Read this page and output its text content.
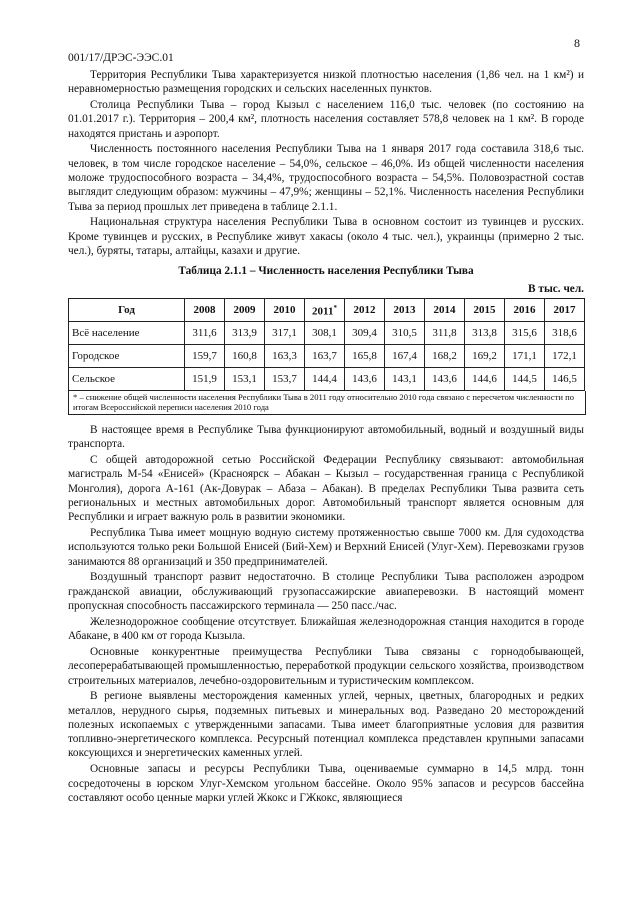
8
001/17/ДРЭС-ЭЭС.01

Территория Республики Тыва характеризуется низкой плотностью населения (1,86 чел. на 1 км²) и неравномерностью размещения городских и сельских населенных пунктов.

Столица Республики Тыва – город Кызыл с населением 116,0 тыс. человек (по состоянию на 01.01.2017 г.). Территория – 200,4 км², плотность населения составляет 578,8 человек на 1 км². В городе находятся пристань и аэропорт.

Численность постоянного населения Республики Тыва на 1 января 2017 года составила 318,6 тыс. человек, в том числе городское население – 54,0%, сельское – 46,0%. Из общей численности населения моложе трудоспособного возраста – 34,4%, трудоспособного возраста – 54,5%. Половозрастной состав выглядит следующим образом: мужчины – 47,9%; женщины – 52,1%. Численность населения Республики Тыва за период прошлых лет приведена в таблице 2.1.1.

Национальная структура населения Республики Тыва в основном состоит из тувинцев и русских. Кроме тувинцев и русских, в Республике живут хакасы (около 4 тыс. чел.), украинцы (примерно 2 тыс. чел.), буряты, татары, алтайцы, казахи и другие.

Таблица 2.1.1 – Численность населения Республики Тыва
В тыс. чел.
Год	2008	2009	2010	2011*	2012	2013	2014	2015	2016	2017
Всё население	311,6	313,9	317,1	308,1	309,4	310,5	311,8	313,8	315,6	318,6
Городское	159,7	160,8	163,3	163,7	165,8	167,4	168,2	169,2	171,1	172,1
Сельское	151,9	153,1	153,7	144,4	143,6	143,1	143,6	144,6	144,5	146,5
* – снижение общей численности населения Республики Тыва в 2011 году относительно 2010 года связано с пересчетом численности по итогам Всероссийской переписи населения 2010 года

В настоящее время в Республике Тыва функционируют автомобильный, водный и воздушный виды транспорта.

С общей автодорожной сетью Российской Федерации Республику связывают: автомобильная магистраль М-54 «Енисей» (Красноярск – Абакан – Кызыл – государственная граница с Республикой Монголия), дорога А-161 (Ак-Довурак – Абаза – Абакан). В пределах Республики Тыва развита сеть региональных и местных автомобильных дорог. Автомобильный транспорт является основным для Республики и играет важную роль в развитии экономики.

Республика Тыва имеет мощную водную систему протяженностью свыше 7000 км. Для судоходства используются только реки Большой Енисей (Бий-Хем) и Верхний Енисей (Улуг-Хем). Перевозками грузов занимаются 88 организаций и 350 предпринимателей.

Воздушный транспорт развит недостаточно. В столице Республики Тыва расположен аэродром гражданской авиации, обслуживающий грузопассажирские авиаперевозки. В настоящий момент пропускная способность пассажирского терминала — 250 пасс./час.

Железнодорожное сообщение отсутствует. Ближайшая железнодорожная станция находится в городе Абакане, в 400 км от города Кызыла.

Основные конкурентные преимущества Республики Тыва связаны с горнодобывающей, лесоперерабатывающей промышленностью, переработкой продукции сельского хозяйства, производством строительных материалов, лечебно-оздоровительным и туристическим комплексом.

В регионе выявлены месторождения каменных углей, черных, цветных, благородных и редких металлов, нерудного сырья, подземных питьевых и минеральных вод. Разведано 20 месторождений полезных ископаемых с утвержденными запасами. Тыва имеет благоприятные условия для развития топливно-энергетического комплекса. Ресурсный потенциал комплекса представлен крупными запасами коксующихся и энергетических каменных углей.

Основные запасы и ресурсы Республики Тыва, оцениваемые суммарно в 14,5 млрд. тонн сосредоточены в юрском Улуг-Хемском угольном бассейне. Около 95% запасов и ресурсов бассейна составляют особо ценные марки углей Жкокс и ГЖкокс, являющиеся
